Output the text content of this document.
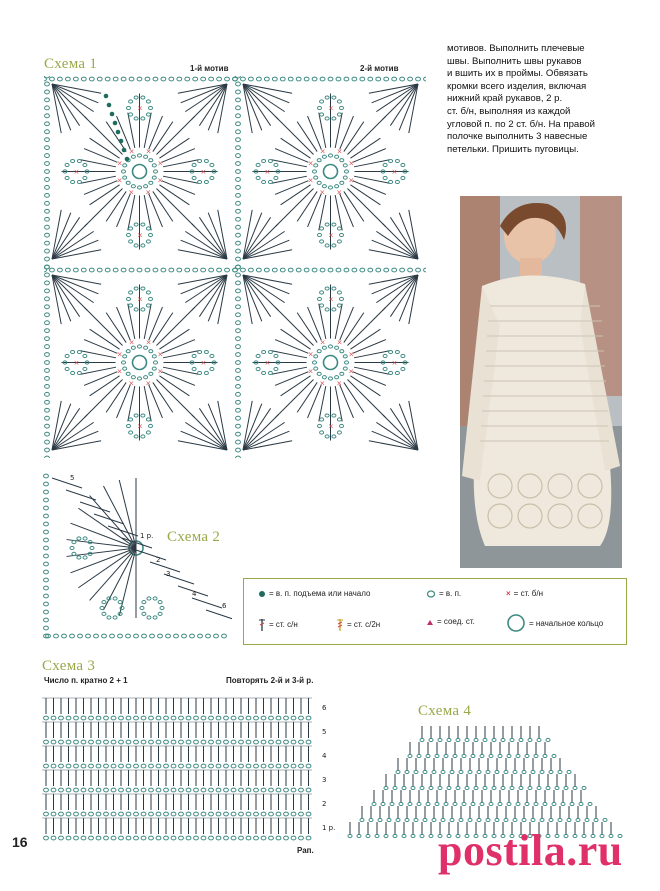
Схема 1	1-й мотив	2-й мотив
×
×
×	×
×
×
×
×
×
× ×
×
×
×
×	×
×
×
×
×
×
× ×
×
×
×
×	×
×
×
×
×
×
× ×
×
×
×
×	×
×
×
×
×
×
× ×
×
мотивов. Выполнить плечевые
швы. Выполнить швы рукавов
и вшить их в проймы. Обвязать
кромки всего изделия, включая
нижний край рукавов, 2 р.
ст. б/н, выполняя из каждой
угловой п. по 2 ст. б/н. На правой
полочке выполнить 3 навесные
петельки. Пришить пуговицы.
1 р.
2
3
4
5
6
Схема 2
= в. п. подъема или начало	= в. п.	× = ст. б/н
= ст. с/н	= ст. с/2н	= соед. ст.	= начальное кольцо
Схема 3
Число п. кратно 2 + 1	Повторять 2-й и 3-й р.
1 р.
2
3
4
5
6
Рап.
Схема 4
16	postila.ru
